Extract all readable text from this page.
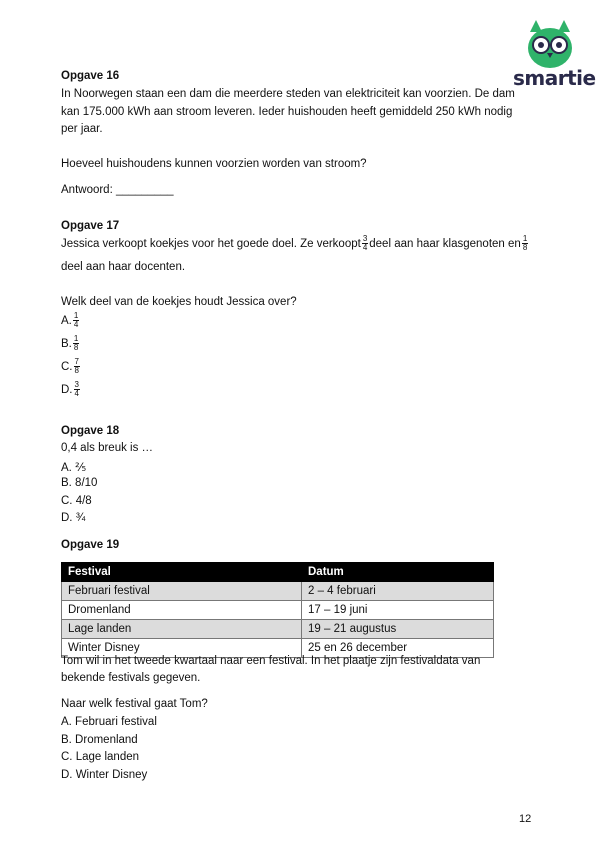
smartie
Opgave 16
In Noorwegen staan een dam die meerdere steden van elektriciteit kan voorzien. De dam
kan 175.000 kWh aan stroom leveren. Ieder huishouden heeft gemiddeld 250 kWh nodig
per jaar.
Hoeveel huishoudens kunnen voorzien worden van stroom?
Antwoord: _________
Opgave 17
Jessica verkoopt koekjes voor het goede doel. Ze verkoopt $\frac{3}{4}$ deel aan haar klasgenoten en $\frac{1}{8}$
deel aan haar docenten.
Welk deel van de koekjes houdt Jessica over?
A. $\frac{1}{4}$
B. $\frac{1}{8}$
C. $\frac{7}{8}$
D. $\frac{3}{4}$
Opgave 18
0,4 als breuk is …
A. ⅖
B. 8/10
C. 4/8
D. ¾
Opgave 19
Festival	Datum
Februari festival	2 – 4 februari
Dromenland	17 – 19 juni
Lage landen	19 – 21 augustus
Winter Disney	25 en 26 december
Tom wil in het tweede kwartaal naar een festival. In het plaatje zijn festivaldata van
bekende festivals gegeven.
Naar welk festival gaat Tom?
A. Februari festival
B. Dromenland
C. Lage landen
D. Winter Disney
12
